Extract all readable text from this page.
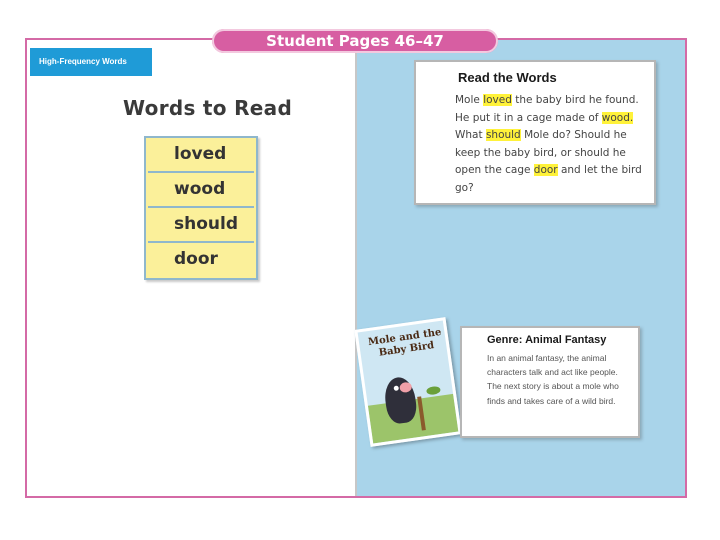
High-Frequency Words
Words to Read
loved
wood
should
door
Read the Words
Mole loved the baby bird he found. He put it in a cage made of wood. What should Mole do? Should he keep the baby bird, or should he open the cage door and let the bird go?
Mole and the Baby Bird
Genre: Animal Fantasy
In an animal fantasy, the animal characters talk and act like people. The next story is about a mole who finds and takes care of a wild bird.
Student Pages 46–47
